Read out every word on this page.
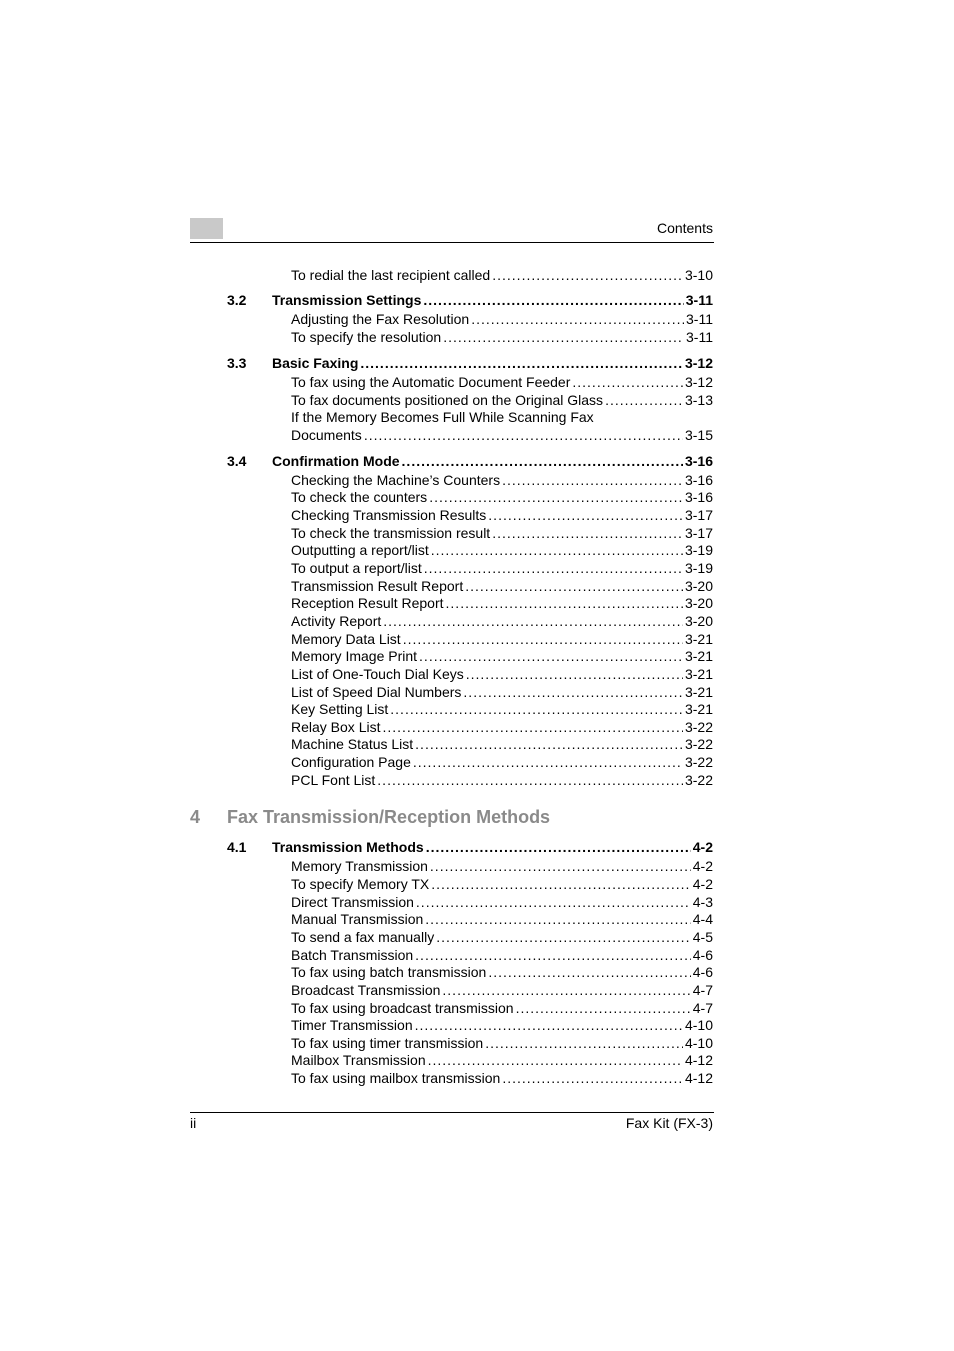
Contents
To redial the last recipient called .....	3-10
3.2 Transmission Settings .....	3-11
Adjusting the Fax Resolution .....	3-11
To specify the resolution .....	3-11
3.3 Basic Faxing .....	3-12
To fax using the Automatic Document Feeder .....	3-12
To fax documents positioned on the Original Glass .....	3-13
If the Memory Becomes Full While Scanning Fax
Documents .....	3-15
3.4 Confirmation Mode .....	3-16
Checking the Machine’s Counters .....	3-16
To check the counters .....	3-16
Checking Transmission Results .....	3-17
To check the transmission result .....	3-17
Outputting a report/list .....	3-19
To output a report/list .....	3-19
Transmission Result Report .....	3-20
Reception Result Report .....	3-20
Activity Report .....	3-20
Memory Data List .....	3-21
Memory Image Print .....	3-21
List of One-Touch Dial Keys .....	3-21
List of Speed Dial Numbers .....	3-21
Key Setting List .....	3-21
Relay Box List .....	3-22
Machine Status List .....	3-22
Configuration Page .....	3-22
PCL Font List .....	3-22
4 Fax Transmission/Reception Methods
4.1 Transmission Methods .....	4-2
Memory Transmission .....	4-2
To specify Memory TX .....	4-2
Direct Transmission .....	4-3
Manual Transmission .....	4-4
To send a fax manually .....	4-5
Batch Transmission .....	4-6
To fax using batch transmission .....	4-6
Broadcast Transmission .....	4-7
To fax using broadcast transmission .....	4-7
Timer Transmission .....	4-10
To fax using timer transmission .....	4-10
Mailbox Transmission .....	4-12
To fax using mailbox transmission .....	4-12
ii	Fax Kit (FX-3)
